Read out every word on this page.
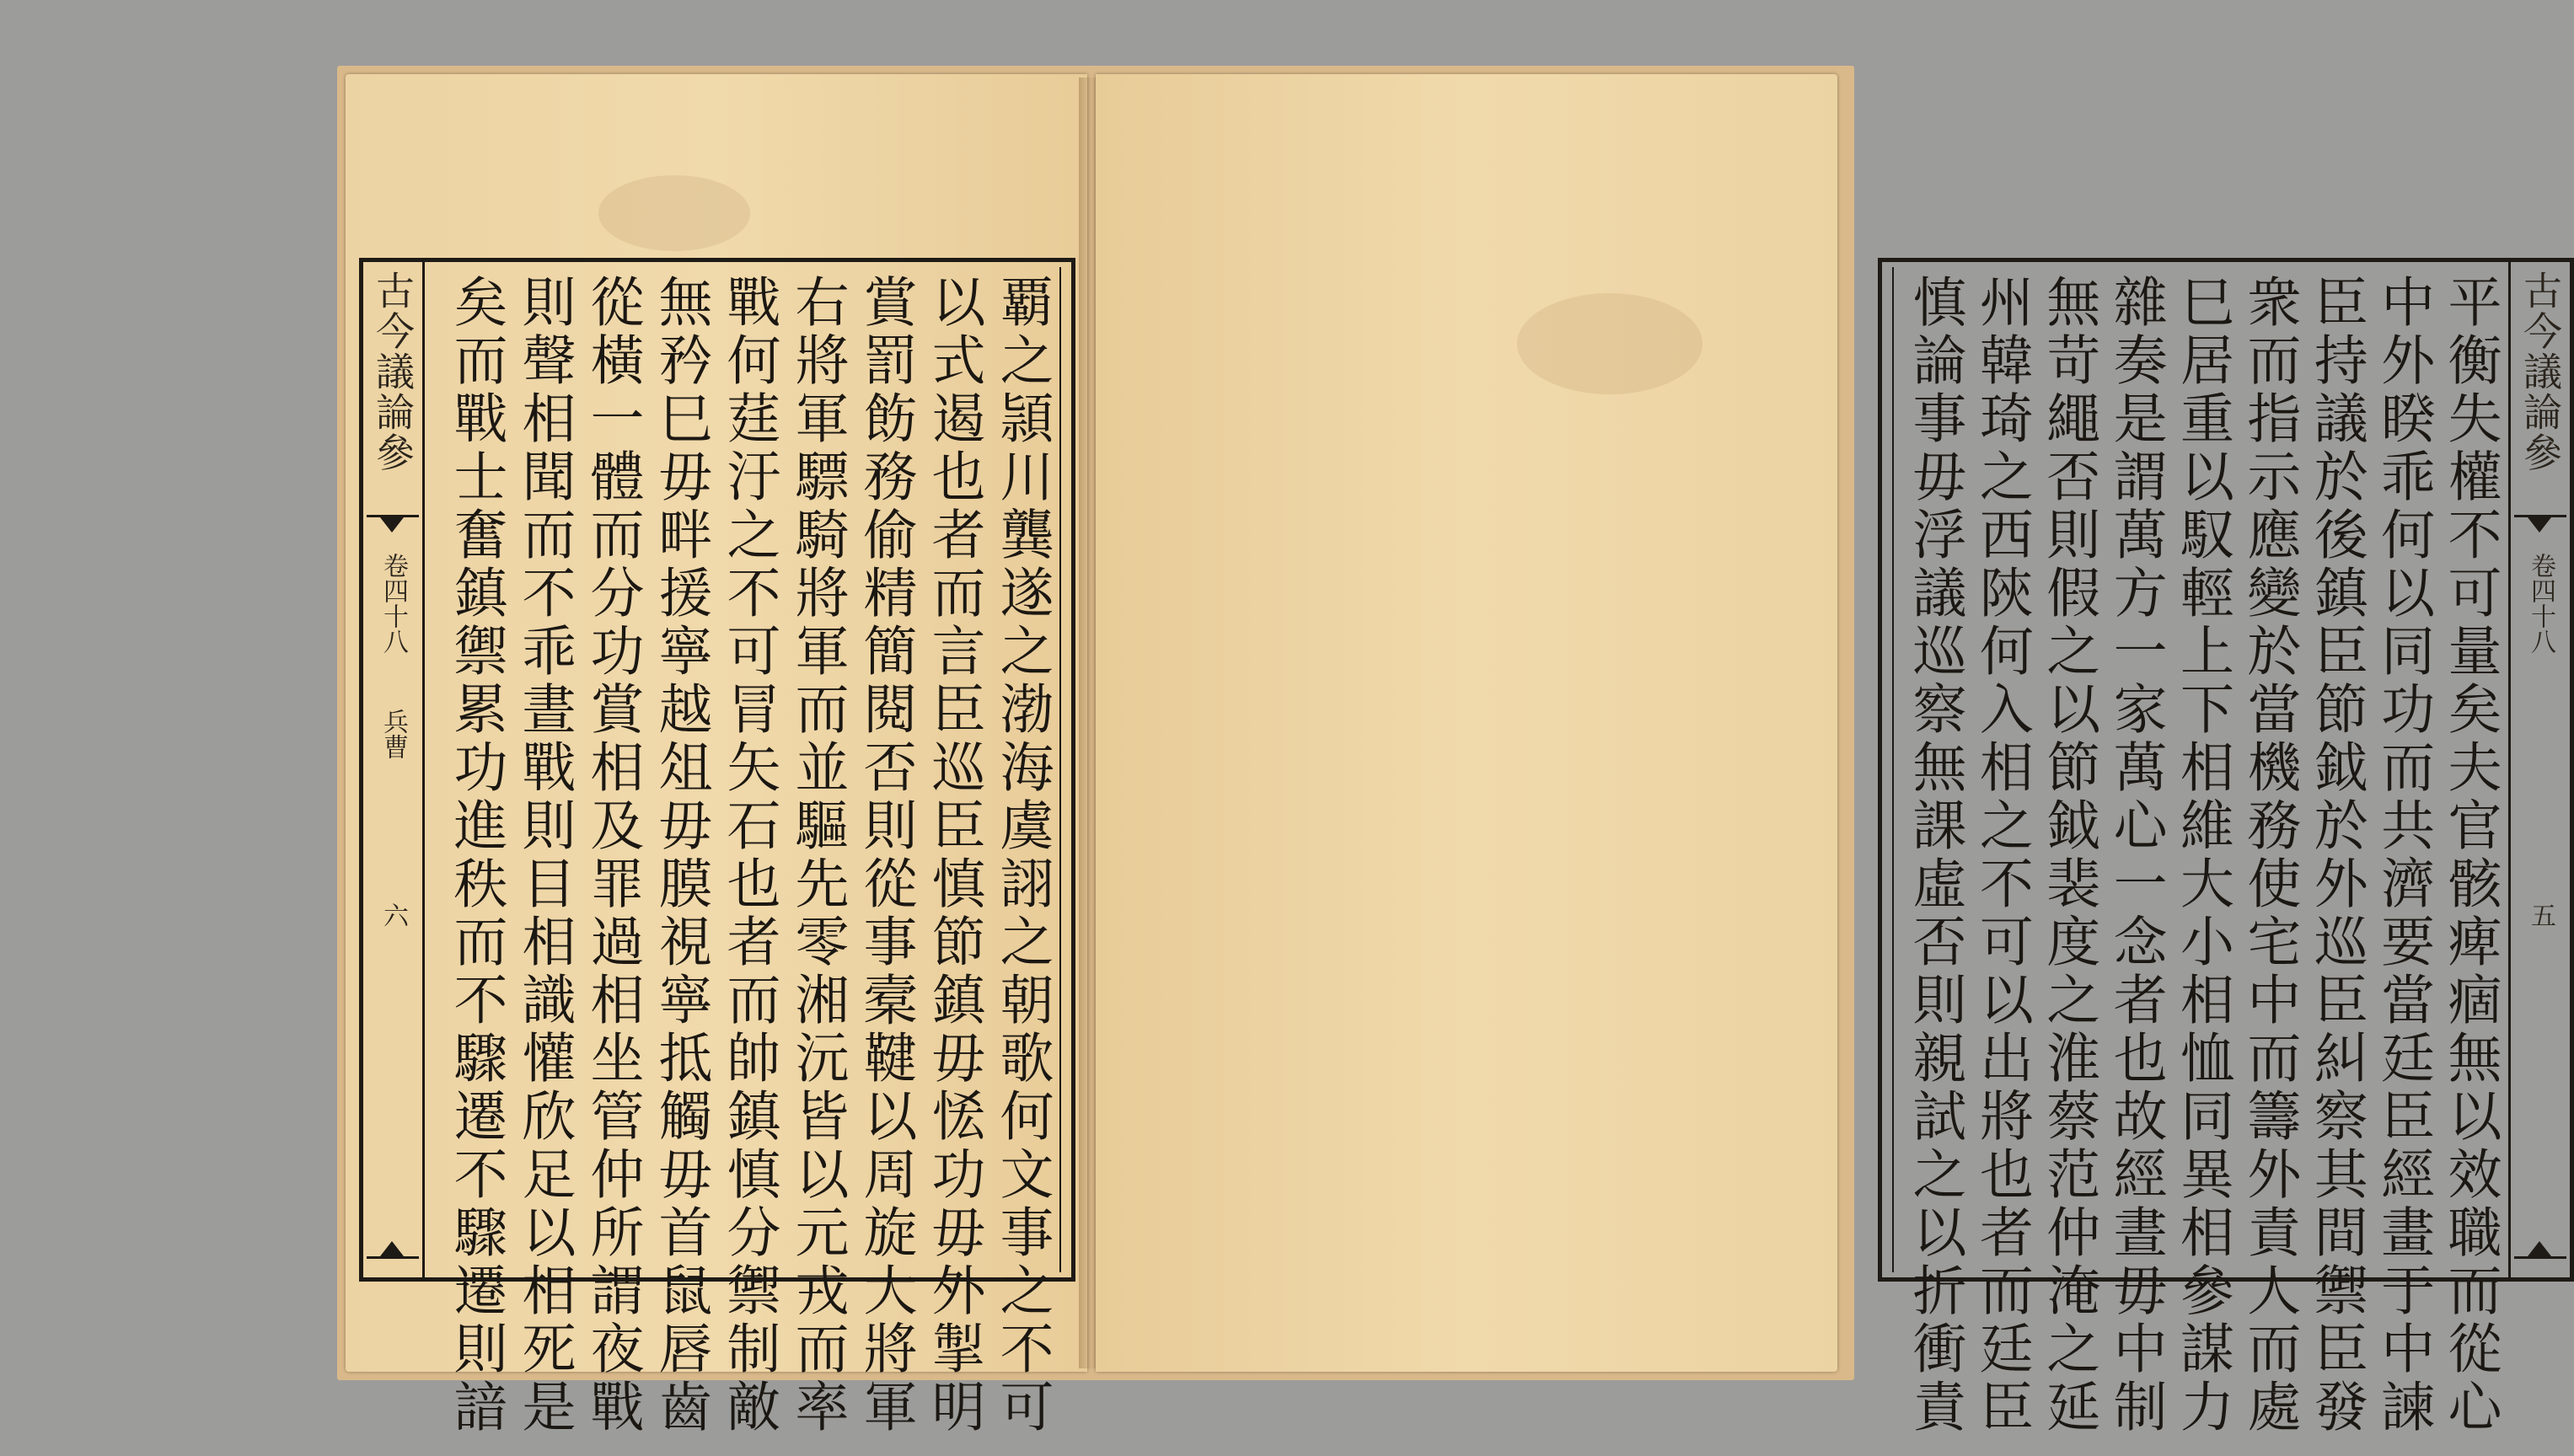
古今議論參
卷四十八
兵曹
六	覇之頴川龔遂之渤海虞詡之朝歌何文事之不可
以式遏也者而言臣巡臣慎節鎮毋恡功毋外掣明
賞罰飭務偷精簡閱否則從事槖鞬以周旋大將軍
右將軍驃騎將軍而並驅先零湘沅皆以元戎而率
戰何莛汙之不可冐矢石也者而帥鎮慎分禦制敵
無矜巳毋畔援寧越俎毋膜視寧抵觸毋首鼠唇齒
從橫一體而分功賞相及罪過相坐管仲所謂夜戰
則聲相聞而不乖晝戰則目相識懽欣足以相死是
矣而戰士奮鎮禦累功進秩而不驟遷不驟遷則諳	古今議論參
卷四十八
五
平衡失權不可量矣夫官骸痺痼無以效職而從心
中外睽乖何以同功而共濟要當廷臣經畫于中諫
臣持議於後鎮臣節鉞於外巡臣糾察其間禦臣發
衆而指示應變於當機務使宅中而籌外責人而處
巳居重以馭輕上下相維大小相恤同異相參謀力
雜奏是謂萬方一家萬心一念者也故經晝毋中制
無苛繩否則假之以節鉞裴度之淮蔡范仲淹之延
州韓琦之西陝何入相之不可以出將也者而廷臣
慎論事毋浮議巡察無課虛否則親試之以折衝責
